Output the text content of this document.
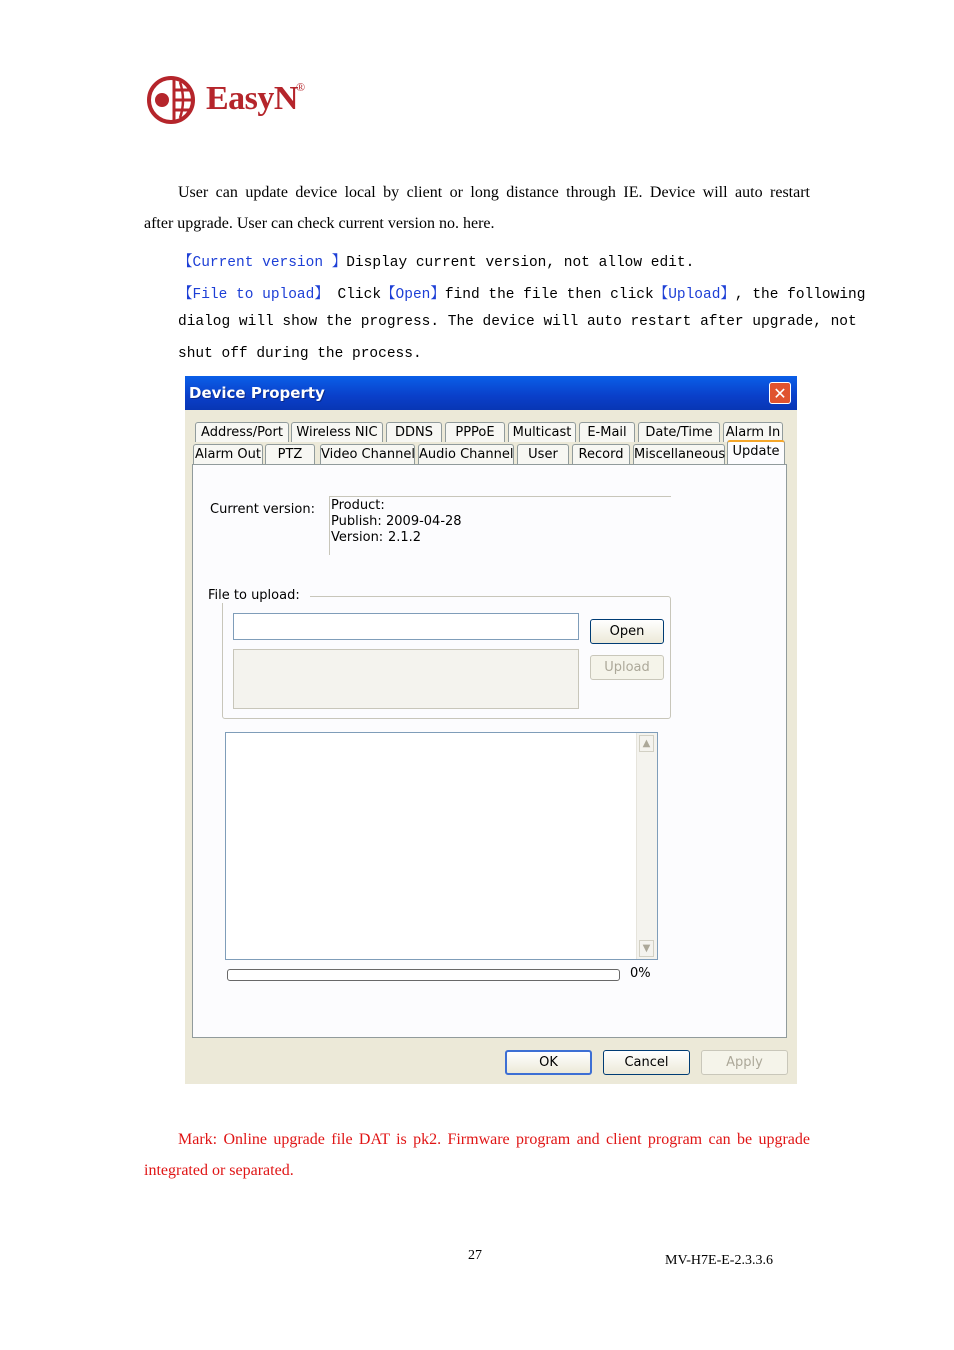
EasyN
®
User can update device local by client or long distance through IE. Device will auto restart
after upgrade. User can check current version no. here.
【Current version 】Display current version, not allow edit.
【File to upload】 Click【Open】find the file then click【Upload】, the following
dialog will show the progress. The device will auto restart after upgrade, not
shut off during the process.
Device Property	✕
Address/Port	Wireless NIC	DDNS	PPPoE	Multicast	E-Mail	Date/Time	Alarm In
Alarm Out	PTZ	Video Channel Audio Channel	User	Record Miscellaneous
Current version: Product:
Publish: 2009-04-28
Version: 2.1.2
File to upload:
Open
Upload
▲
▼
0%
Update
OK	Cancel	Apply
Mark: Online upgrade file DAT is pk2. Firmware program and client program can be upgrade
integrated or separated.
27	MV-H7E-E-2.3.3.6
